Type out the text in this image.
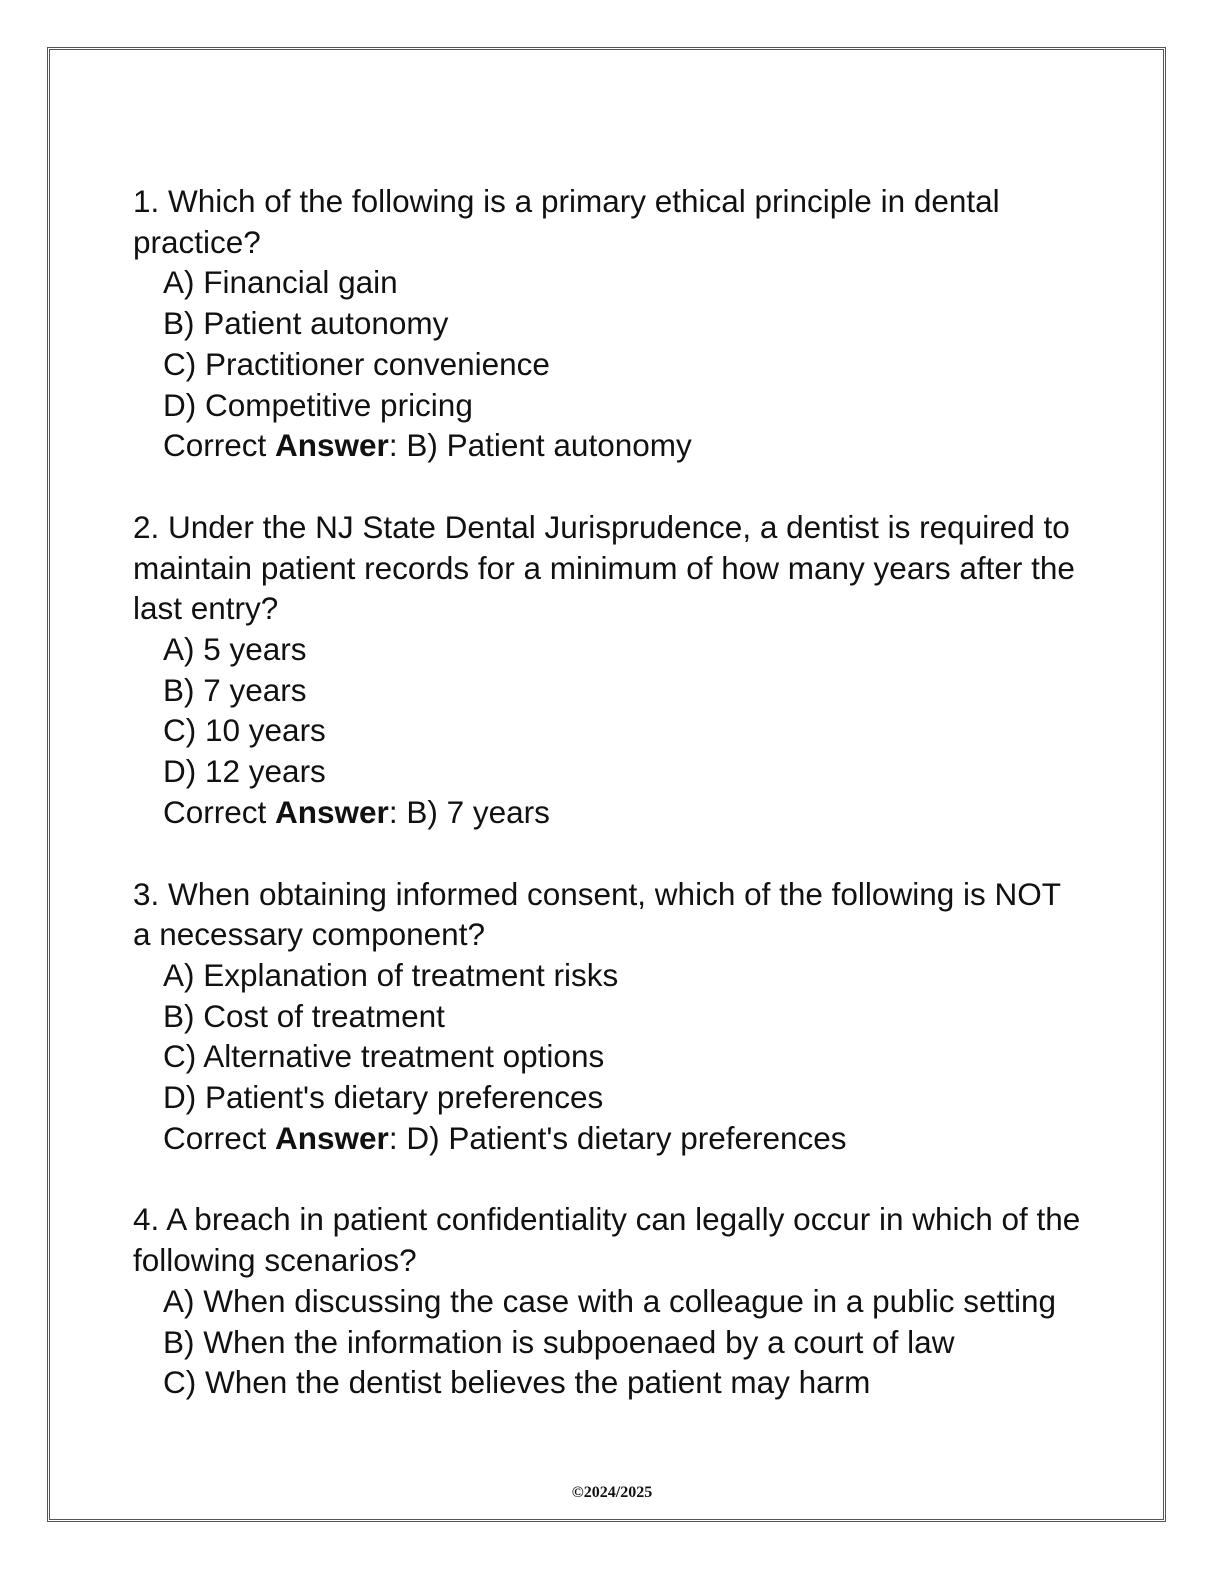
1. Which of the following is a primary ethical principle in dental practice?
A) Financial gain
B) Patient autonomy
C) Practitioner convenience
D) Competitive pricing
Correct Answer: B) Patient autonomy
2. Under the NJ State Dental Jurisprudence, a dentist is required to maintain patient records for a minimum of how many years after the last entry?
A) 5 years
B) 7 years
C) 10 years
D) 12 years
Correct Answer: B) 7 years
3. When obtaining informed consent, which of the following is NOT a necessary component?
A) Explanation of treatment risks
B) Cost of treatment
C) Alternative treatment options
D) Patient's dietary preferences
Correct Answer: D) Patient's dietary preferences
4. A breach in patient confidentiality can legally occur in which of the following scenarios?
A) When discussing the case with a colleague in a public setting
B) When the information is subpoenaed by a court of law
C) When the dentist believes the patient may harm
©2024/2025
